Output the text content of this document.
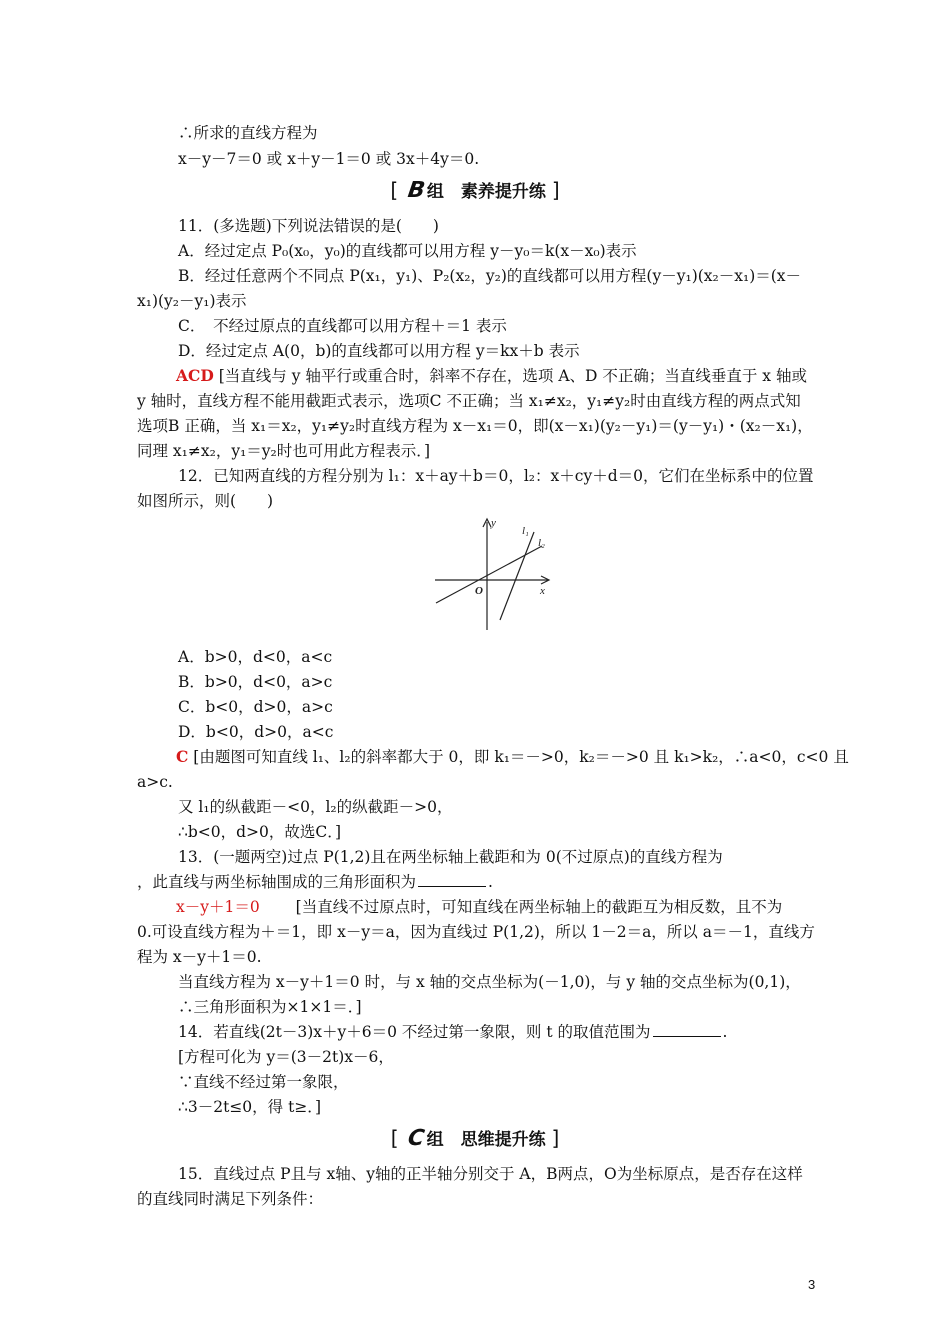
∴所求的直线方程为
x－y－7＝0 或 x＋y－1＝0 或 3x＋4y＝0.
11．(多选题)下列说法错误的是(　　)
A．经过定点 P₀(x₀，y₀)的直线都可以用方程 y－y₀＝k(x－x₀)表示
B．经过任意两个不同点 P(x₁，y₁)、P₂(x₂，y₂)的直线都可以用方程(y－y₁)(x₂－x₁)＝(x－
x₁)(y₂－y₁)表示
C．　不经过原点的直线都可以用方程＋＝1 表示
D．经过定点 A(0，b)的直线都可以用方程 y＝kx＋b 表示
y 轴时，直线方程不能用截距式表示，选项C 不正确；当 x₁≠x₂，y₁≠y₂时由直线方程的两点式知
选项B 正确，当 x₁＝x₂，y₁≠y₂时直线方程为 x－x₁＝0，即(x－x₁)(y₂－y₁)＝(y－y₁)・(x₂－x₁)，
同理 x₁≠x₂，y₁＝y₂时也可用此方程表示．]
12．已知两直线的方程分别为 l₁：x＋ay＋b＝0，l₂：x＋cy＋d＝0，它们在坐标系中的位置
如图所示，则(　　)
A．b>0，d<0，a<c
B．b>0，d<0，a>c
C．b<0，d>0，a>c
D．b<0，d>0，a<c
a>c.
又 l₁的纵截距－<0，l₂的纵截距－>0，
∴b<0，d>0，故选C．]
13．(一题两空)过点 P(1,2)且在两坐标轴上截距和为 0(不过原点)的直线方程为
0.可设直线方程为＋＝1，即 x－y＝a，因为直线过 P(1,2)，所以 1－2＝a，所以 a＝－1，直线方
程为 x－y＋1＝0.
当直线方程为 x－y＋1＝0 时，与 x 轴的交点坐标为(－1,0)，与 y 轴的交点坐标为(0,1)，
∴三角形面积为×1×1＝．]
[方程可化为 y＝(3－2t)x－6，
∵直线不经过第一象限，
∴3－2t≤0，得 t≥．]
15．直线过点 P且与 x轴、y轴的正半轴分别交于 A，B两点，O为坐标原点，是否存在这样
的直线同时满足下列条件：
ACD [当直线与 y 轴平行或重合时，斜率不存在，选项 A、D 不正确；当直线垂直于 x 轴或
C [由题图可知直线 l₁、l₂的斜率都大于 0，即 k₁＝－>0，k₂＝－>0 且 k₁>k₂，∴a<0，c<0 且
，此直线与两坐标轴围成的三角形面积为	.
x－y＋1＝0　　 [当直线不过原点时，可知直线在两坐标轴上的截距互为相反数，且不为
14．若直线(2t－3)x＋y＋6＝0 不经过第一象限，则 t 的取值范围为	.
[ B组　素养提升练 ]
[ C组　思维提升练 ]
y
x
O
l₁
l₂
3
